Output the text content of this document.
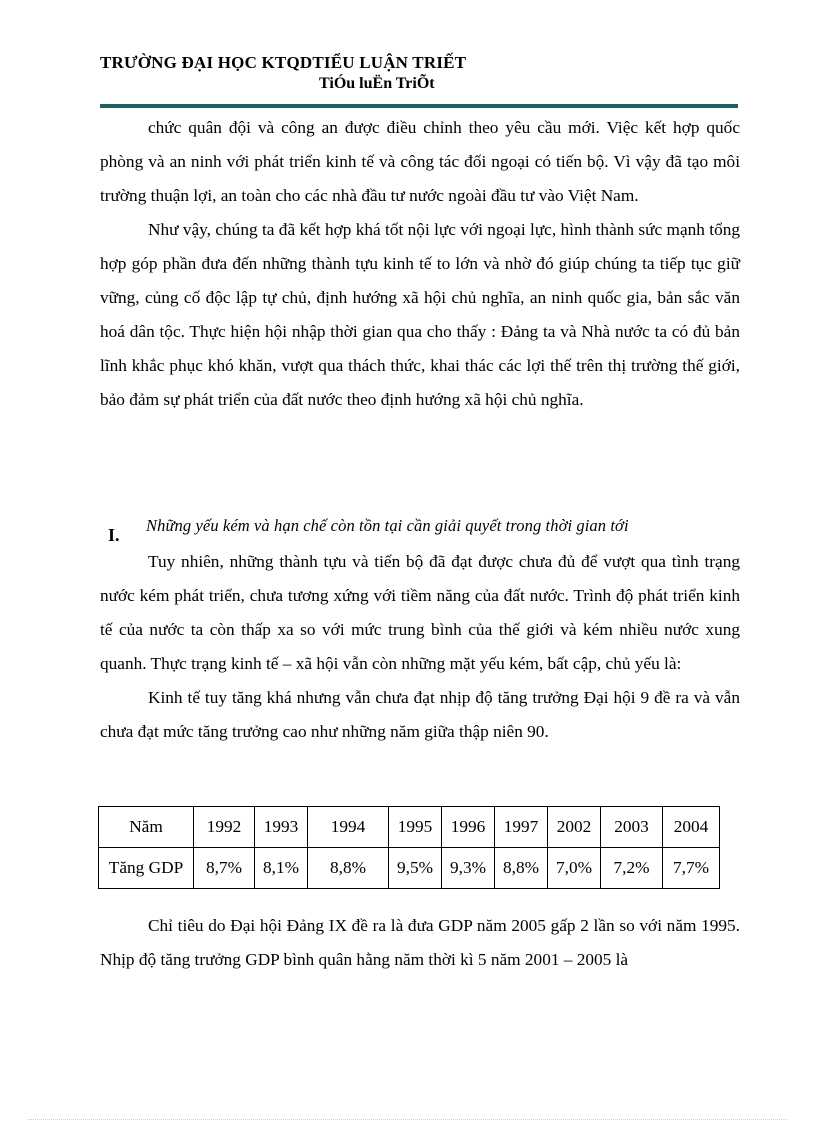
TRƯỜNG ĐẠI HỌC KTQDTIỂU LUẬN TRIẾT
TiÓu luËn TriÕt

chức quân đội và công an được điều chỉnh theo yêu cầu mới. Việc kết hợp quốc phòng và an ninh với phát triển kinh tế và công tác đối ngoại có tiến bộ. Vì vậy đã tạo môi trường thuận lợi, an toàn cho các nhà đầu tư nước ngoài đầu tư vào Việt Nam.

Như vậy, chúng ta đã kết hợp khá tốt nội lực với ngoại lực, hình thành sức mạnh tổng hợp góp phần đưa đến những thành tựu kinh tế to lớn và nhờ đó giúp chúng ta tiếp tục giữ vững, củng cố độc lập tự chủ, định hướng xã hội chủ nghĩa, an ninh quốc gia, bản sắc văn hoá dân tộc. Thực hiện hội nhập thời gian qua cho thấy : Đảng ta và Nhà nước ta có đủ bản lĩnh khắc phục khó khăn, vượt qua thách thức, khai thác các lợi thế trên thị trường thế giới, bảo đảm sự phát triển của đất nước theo định hướng xã hội chủ nghĩa.

I. Những yếu kém và hạn chế còn tồn tại cần giải quyết trong thời gian tới

Tuy nhiên, những thành tựu và tiến bộ đã đạt được chưa đủ để vượt qua tình trạng nước kém phát triển, chưa tương xứng với tiềm năng của đất nước. Trình độ phát triển kinh tế của nước ta còn thấp xa so với mức trung bình của thế giới và kém nhiều nước xung quanh. Thực trạng kinh tế – xã hội vẫn còn những mặt yếu kém, bất cập, chủ yếu là:

Kinh tế tuy tăng khá nhưng vẫn chưa đạt nhịp độ tăng trưởng Đại hội 9 đề ra và vẫn chưa đạt mức tăng trưởng cao như những năm giữa thập niên 90.

Năm	1992	1993	1994	1995	1996	1997	2002	2003	2004
Tăng GDP	8,7%	8,1%	8,8%	9,5%	9,3%	8,8%	7,0%	7,2%	7,7%

Chỉ tiêu do Đại hội Đảng IX đề ra là đưa GDP năm 2005 gấp 2 lần so với năm 1995. Nhịp độ tăng trưởng GDP bình quân hằng năm thời kì 5 năm 2001 – 2005 là
